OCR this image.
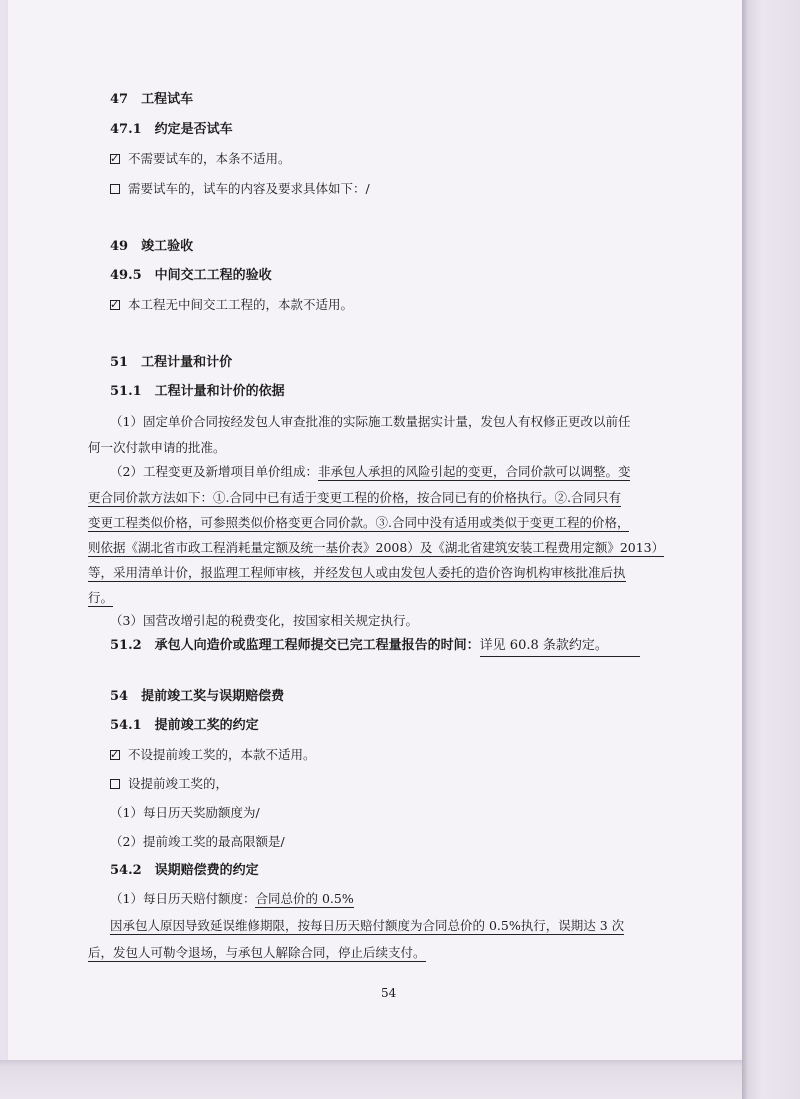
47　工程试车
47.1　约定是否试车
✓不需要试车的，本条不适用。
需要试车的，试车的内容及要求具体如下：/
49　竣工验收
49.5　中间交工工程的验收
✓本工程无中间交工工程的，本款不适用。
51　工程计量和计价
51.1　工程计量和计价的依据
（1）固定单价合同按经发包人审查批准的实际施工数量据实计量，发包人有权修正更改以前任
何一次付款申请的批准。
（2）工程变更及新增项目单价组成：非承包人承担的风险引起的变更，合同价款可以调整。变
更合同价款方法如下：①.合同中已有适于变更工程的价格，按合同已有的价格执行。②.合同只有
变更工程类似价格，可参照类似价格变更合同价款。③.合同中没有适用或类似于变更工程的价格，
则依据《湖北省市政工程消耗量定额及统一基价表》2008）及《湖北省建筑安装工程费用定额》2013）
等，采用清单计价，报监理工程师审核，并经发包人或由发包人委托的造价咨询机构审核批准后执
行。
（3）国营改增引起的税费变化，按国家相关规定执行。
51.2　承包人向造价或监理工程师提交已完工程量报告的时间：详见 60.8 条款约定。
54　提前竣工奖与误期赔偿费
54.1　提前竣工奖的约定
✓不设提前竣工奖的，本款不适用。
设提前竣工奖的，
（1）每日历天奖励额度为/
（2）提前竣工奖的最高限额是/
54.2　误期赔偿费的约定
（1）每日历天赔付额度：合同总价的 0.5%
因承包人原因导致延误维修期限，按每日历天赔付额度为合同总价的 0.5%执行，误期达 3 次
后，发包人可勒令退场，与承包人解除合同，停止后续支付。
54
